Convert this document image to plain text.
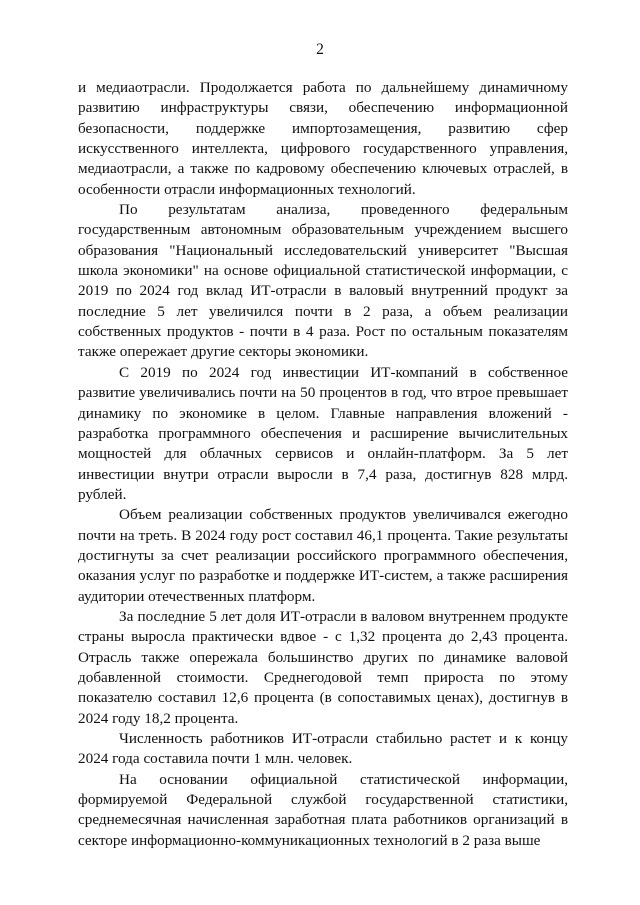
2

и медиаотрасли. Продолжается работа по дальнейшему динамичному развитию инфраструктуры связи, обеспечению информационной безопасности, поддержке импортозамещения, развитию сфер искусственного интеллекта, цифрового государственного управления, медиаотрасли, а также по кадровому обеспечению ключевых отраслей, в особенности отрасли информационных технологий.

По результатам анализа, проведенного федеральным государственным автономным образовательным учреждением высшего образования "Национальный исследовательский университет "Высшая школа экономики" на основе официальной статистической информации, с 2019 по 2024 год вклад ИТ-отрасли в валовый внутренний продукт за последние 5 лет увеличился почти в 2 раза, а объем реализации собственных продуктов - почти в 4 раза. Рост по остальным показателям также опережает другие секторы экономики.

С 2019 по 2024 год инвестиции ИТ-компаний в собственное развитие увеличивались почти на 50 процентов в год, что втрое превышает динамику по экономике в целом. Главные направления вложений - разработка программного обеспечения и расширение вычислительных мощностей для облачных сервисов и онлайн-платформ. За 5 лет инвестиции внутри отрасли выросли в 7,4 раза, достигнув 828 млрд. рублей.

Объем реализации собственных продуктов увеличивался ежегодно почти на треть. В 2024 году рост составил 46,1 процента. Такие результаты достигнуты за счет реализации российского программного обеспечения, оказания услуг по разработке и поддержке ИТ-систем, а также расширения аудитории отечественных платформ.

За последние 5 лет доля ИТ-отрасли в валовом внутреннем продукте страны выросла практически вдвое - с 1,32 процента до 2,43 процента. Отрасль также опережала большинство других по динамике валовой добавленной стоимости. Среднегодовой темп прироста по этому показателю составил 12,6 процента (в сопоставимых ценах), достигнув в 2024 году 18,2 процента.

Численность работников ИТ-отрасли стабильно растет и к концу 2024 года составила почти 1 млн. человек.

На основании официальной статистической информации, формируемой Федеральной службой государственной статистики, среднемесячная начисленная заработная плата работников организаций в секторе информационно-коммуникационных технологий в 2 раза выше
